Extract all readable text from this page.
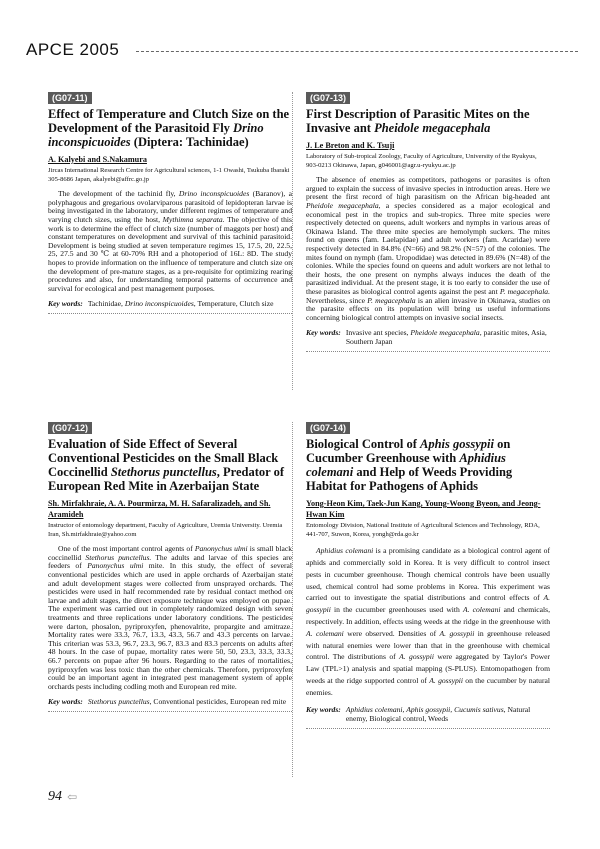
APCE 2005
(G07-11)
Effect of Temperature and Clutch Size on the Development of the Parasitoid Fly Drino inconspicuoides (Diptera: Tachinidae)
A. Kalyebi and S.Nakamura
Jircas International Research Centre for Agricultural sciences, 1-1 Owashi, Tsukuba Ibaraki 305-8686 Japan, akalyebi@affrc.go.jp
The development of the tachinid fly, Drino inconspicuoides (Baranov), a polyphagous and gregarious ovolarviparous parasitoid of lepidopteran larvae is being investigated in the laboratory, under different regimes of temperature and varying clutch sizes, using the host, Mythimna separata. The objective of this work is to determine the effect of clutch size (number of maggots per host) and constant temperatures on development and survival of this tachinid parasitoid. Development is being studied at seven temperature regimes 15, 17.5, 20, 22.5, 25, 27.5 and 30 ℃ at 60-70% RH and a photoperiod of 16L: 8D. The study hopes to provide information on the influence of temperature and clutch size on the development of pre-mature stages, as a pre-requisite for optimizing rearing procedures and also, for understanding temporal patterns of occurrence and survival for ecological and pest management purposes.
Key words: Tachinidae, Drino inconspicuoides, Temperature, Clutch size
(G07-13)
First Description of Parasitic Mites on the Invasive ant Pheidole megacephala
J. Le Breton and K. Tsuji
Laboratory of Sub-tropical Zoology, Faculty of Agriculture, University of the Ryukyus, 903-0213 Okinawa, Japan, g046001@agr.u-ryukyu.ac.jp
The absence of enemies as competitors, pathogens or parasites is often argued to explain the success of invasive species in introduction areas. Here we present the first record of high parasitism on the African big-headed ant Pheidole megacephala, a species considered as a major ecological and economical pest in the tropics and sub-tropics. Three mite species were respectively detected on queens, adult workers and nymphs in various areas of Okinawa Island. The three mite species are hemolymph suckers. The mites found on queens (fam. Laelapidae) and adult workers (fam. Acaridae) were respectively detected in 84.8% (N=66) and 98.2% (N=57) of the colonies. The mites found on nymph (fam. Uropodidae) was detected in 89.6% (N=48) of the colonies. While the species found on queens and adult workers are not lethal to their hosts, the one present on nymphs always induces the death of the parasitized individual. At the present stage, it is too early to consider the use of these parasites as biological control agents against the pest ant P. megacephala. Nevertheless, since P. megacephala is an alien invasive in Okinawa, studies on the parasite effects on its population will bring us useful informations concerning biological control attempts on invasive social insects.
Key words: Invasive ant species, Pheidole megacephala, parasitic mites, Asia, Southern Japan
(G07-12)
Evaluation of Side Effect of Several Conventional Pesticides on the Small Black Coccinellid Stethorus punctellus, Predator of European Red Mite in Azerbaijan State
Sh. Mirfakhraie, A. A. Pourmirza, M. H. Safaralizadeh, and Sh. Aramideh
Instructor of entomology department, Faculty of Agriculture, Uremia University. Uremia Iran, Sh.mirfakhraie@yahoo.com
One of the most important control agents of Panonychus ulmi is small black coccinellid Stethorus punctellus. The adults and larvae of this species are feeders of Panonychus ulmi mite. In this study, the effect of several conventional pesticides which are used in apple orchards of Azerbaijan state and adult development stages were collected from unsprayed orchards. The pesticides were used in half recommended rate by residual contact method on larvae and adult stages, the direct exposure technique was employed on pupae. The experiment was carried out in completely randomized design with seven treatments and three replications under laboratory conditions. The pesticides were darton, phosalon, pyriproxyfen, phenovalrite, propargite and amitraze. Mortality rates were 33.3, 76.7, 13.3, 43.3, 56.7 and 43.3 percents on larvae. This criterian was 53.3, 96.7, 23.3, 96.7, 83.3 and 83.3 percents on adults after 48 hours. In the case of pupae, mortality rates were 50, 50, 23.3, 33.3, 33.3, 66.7 percents on pupae after 96 hours. Regarding to the rates of mortalities, pyriproxyfen was less toxic than the other chemicals. Therefore, pyriproxyfen could be an important agent in integrated pest management system of apple orchards pests including codling moth and European red mite.
Key words: Stethorus punctellus, Conventional pesticides, European red mite
(G07-14)
Biological Control of Aphis gossypii on Cucumber Greenhouse with Aphidius colemani and Help of Weeds Providing Habitat for Pathogens of Aphids
Yong-Heon Kim, Taek-Jun Kang, Young-Woong Byeon, and Jeong-Hwan Kim
Entomology Division, National Institute of Agricultural Sciences and Technology, RDA, 441-707, Suwon, Korea, yongh@rda.go.kr
Aphidius colemani is a promising candidate as a biological control agent of aphids and commercially sold in Korea. It is very difficult to control insect pests in cucumber greenhouse. Though chemical controls have been usually used, chemical control had some problems in Korea. This experiment was carried out to investigate the spatial distributions and control effects of A. gossypii in the cucumber greenhouses used with A. colemani and chemicals, respectively. In addition, effects using weeds at the ridge in the greenhouse with A. colemani were observed. Densities of A. gossypii in greenhouse released with natural enemies were lower than that in the greenhouse with chemical control. The distributions of A. gossypii were aggregated by Taylor's Power Law (TPL>1) analysis and spatial mapping (S-PLUS). Entomopathogen from weeds at the ridge supported control of A. gossypii on the cucumber by natural enemies.
Key words: Aphidius colemani, Aphis gossypii, Cucumis sativus, Natural enemy, Biological control, Weeds
94 ⇦
